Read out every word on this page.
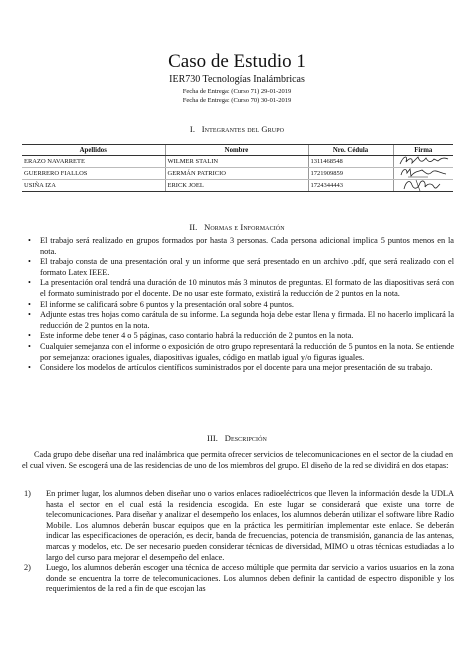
Caso de Estudio 1
IER730 Tecnologías Inalámbricas
Fecha de Entrega: (Curso 71) 29-01-2019
Fecha de Entrega: (Curso 70) 30-01-2019
I. Integrantes del Grupo
Apellidos	Nombre	Nro. Cédula	Firma
ERAZO NAVARRETE	WILMER STALIN	1311468548	

GUERRERO FIALLOS	GERMÁN PATRICIO	1721909859	

USIÑA IZA	ERICK JOEL	1724344443	
II. Normas e Información
• El trabajo será realizado en grupos formados por hasta 3 personas. Cada persona adicional implica 5 puntos menos en la nota.
• El trabajo consta de una presentación oral y un informe que será presentado en un archivo .pdf, que será realizado con el formato Latex IEEE.
• La presentación oral tendrá una duración de 10 minutos más 3 minutos de preguntas. El formato de las diapositivas será con el formato suministrado por el docente. De no usar este formato, existirá la reducción de 2 puntos en la nota.
• El informe se calificará sobre 6 puntos y la presentación oral sobre 4 puntos.
• Adjunte estas tres hojas como carátula de su informe. La segunda hoja debe estar llena y firmada. El no hacerlo implicará la reducción de 2 puntos en la nota.
• Este informe debe tener 4 o 5 páginas, caso contario habrá la reducción de 2 puntos en la nota.
• Cualquier semejanza con el informe o exposición de otro grupo representará la reducción de 5 puntos en la nota. Se entiende por semejanza: oraciones iguales, diapositivas iguales, código en matlab igual y/o figuras iguales.
• Considere los modelos de artículos científicos suministrados por el docente para una mejor presentación de su trabajo.
III. Descripción

Cada grupo debe diseñar una red inalámbrica que permita ofrecer servicios de telecomunicaciones en el sector de la ciudad en el cual viven. Se escogerá una de las residencias de uno de los miembros del grupo. El diseño de la red se dividirá en dos etapas:

1) En primer lugar, los alumnos deben diseñar uno o varios enlaces radioeléctricos que lleven la información desde la UDLA hasta el sector en el cual está la residencia escogida. En este lugar se considerará que existe una torre de telecomunicaciones. Para diseñar y analizar el desempeño los enlaces, los alumnos deberán utilizar el software libre Radio Mobile. Los alumnos deberán buscar equipos que en la práctica les permitirían implementar este enlace. Se deberán indicar las especificaciones de operación, es decir, banda de frecuencias, potencia de transmisión, ganancia de las antenas, marcas y modelos, etc. De ser necesario pueden considerar técnicas de diversidad, MIMO u otras técnicas estudiadas a lo largo del curso para mejorar el desempeño del enlace.
2) Luego, los alumnos deberán escoger una técnica de acceso múltiple que permita dar servicio a varios usuarios en la zona donde se encuentra la torre de telecomunicaciones. Los alumnos deben definir la cantidad de espectro disponible y los requerimientos de la red a fin de que escojan las
